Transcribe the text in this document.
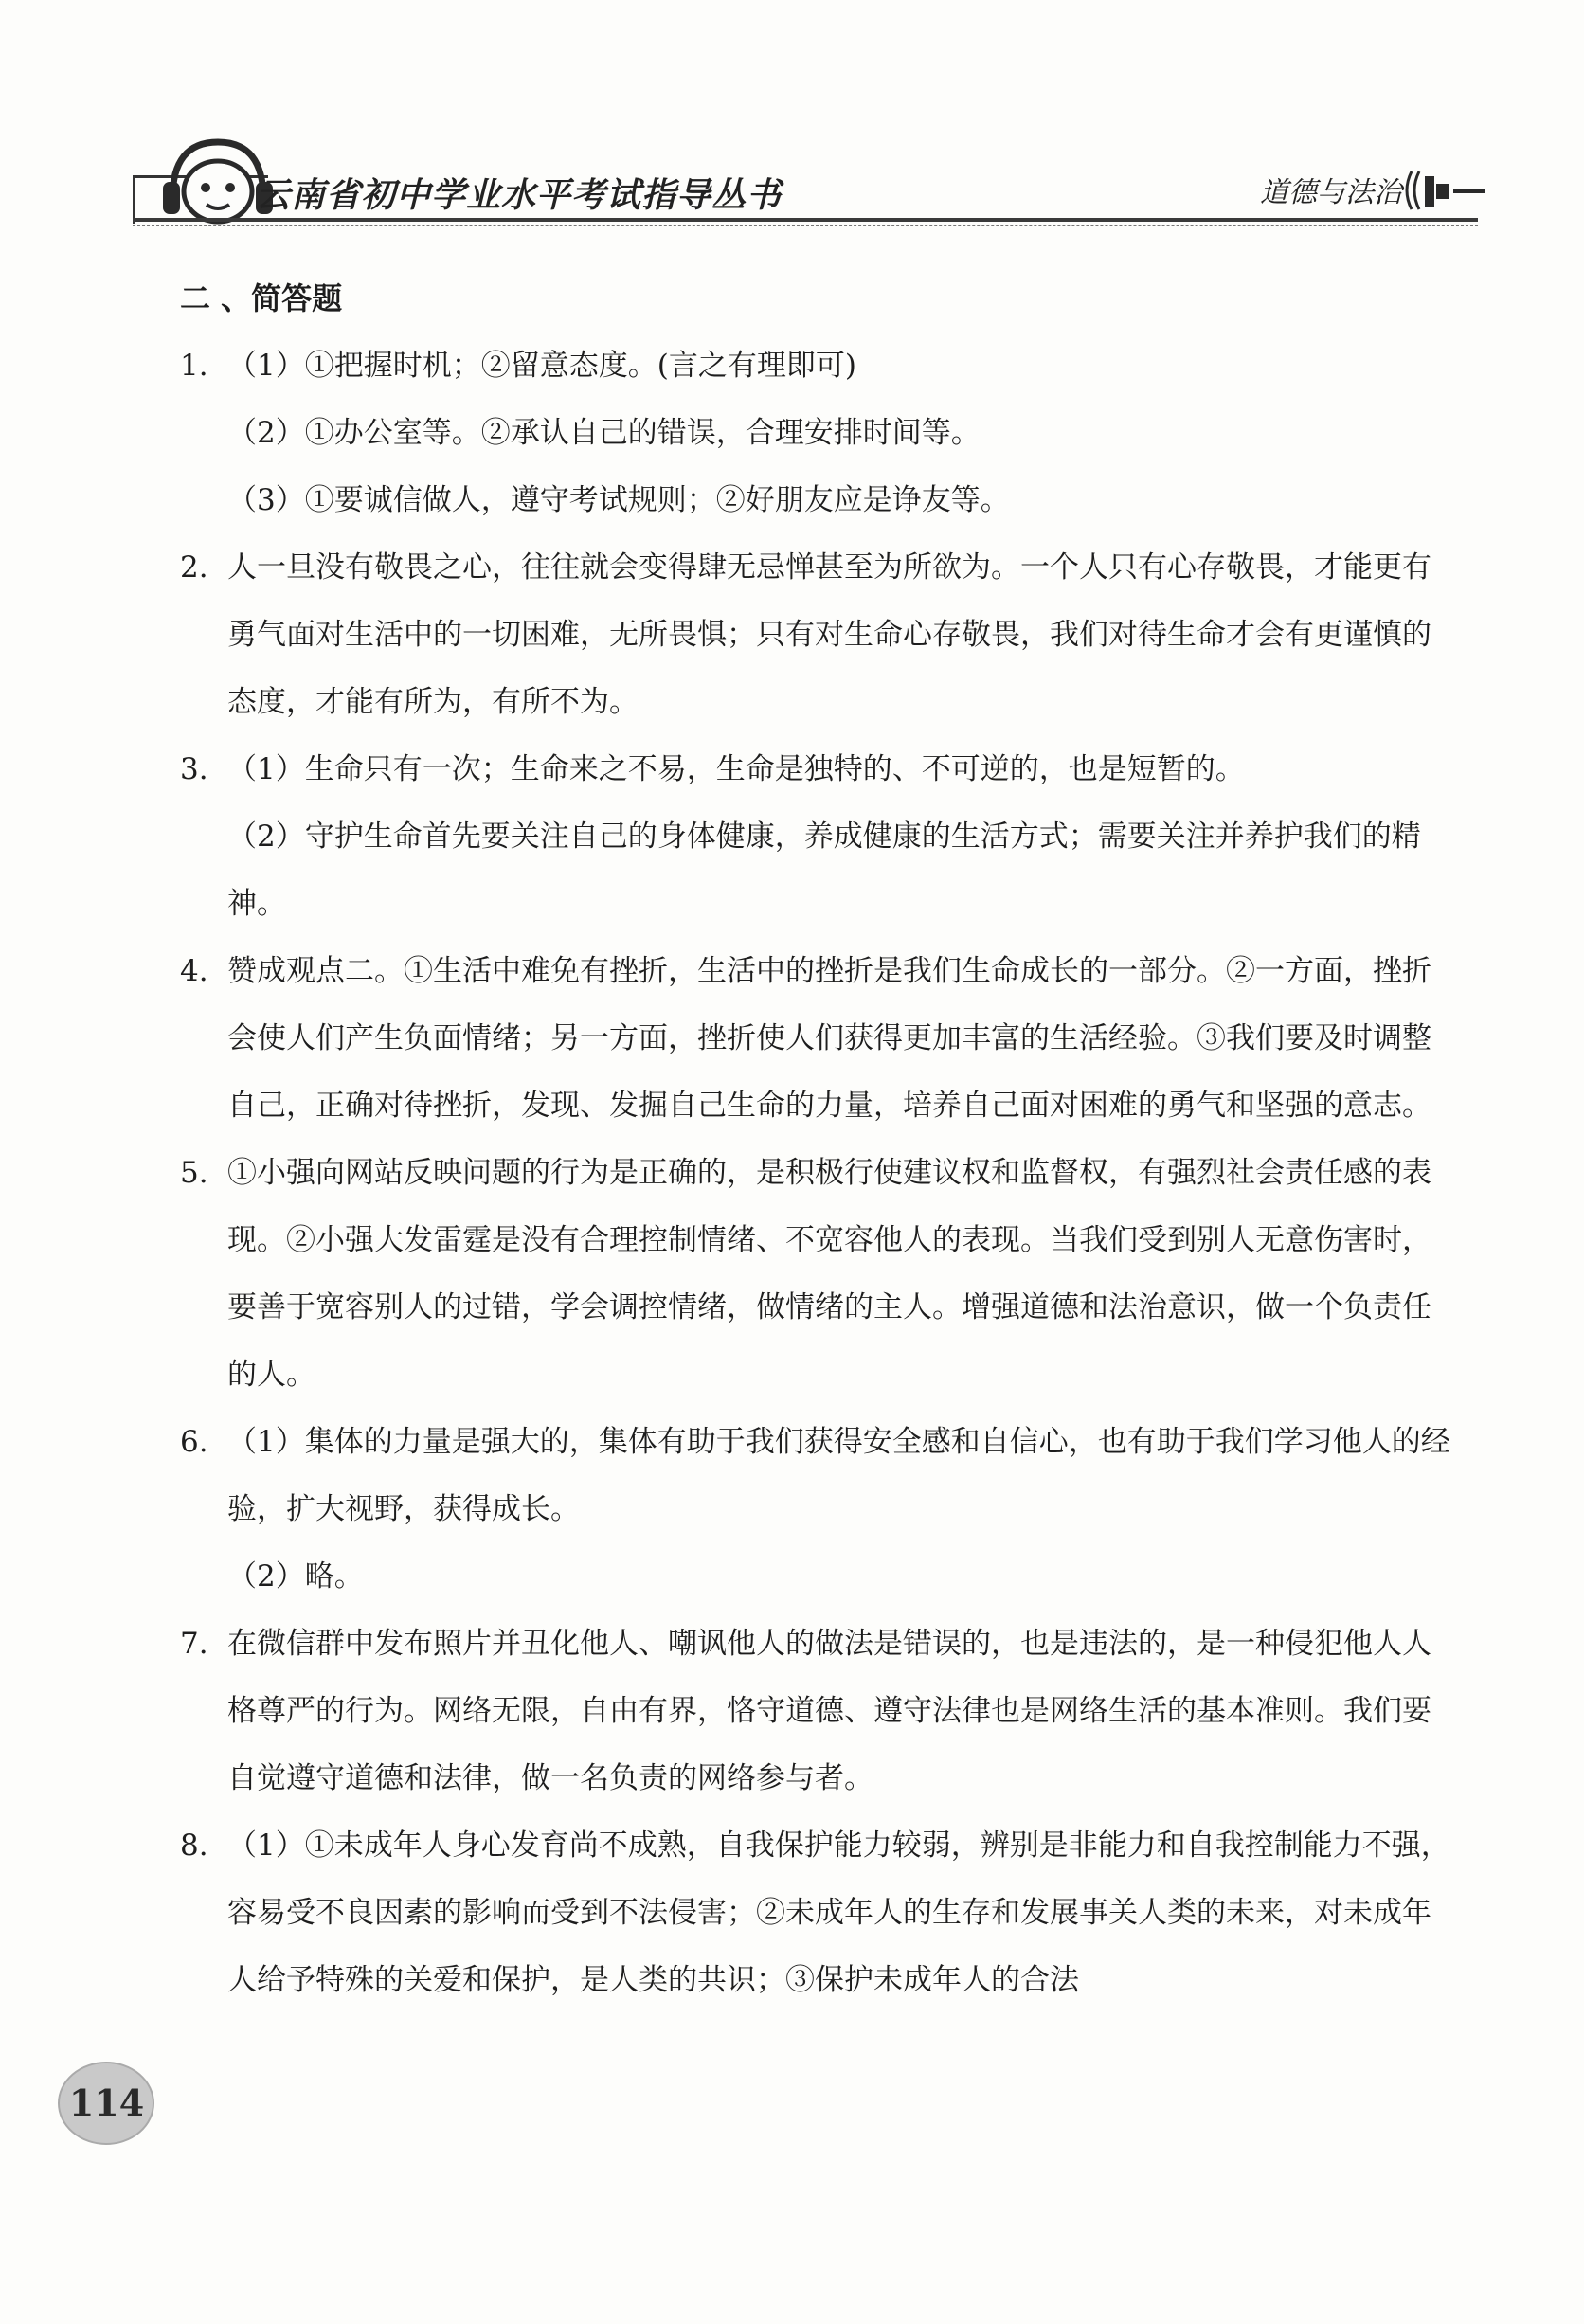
云南省初中学业水平考试指导丛书	道德与法治
二 、简答题
1. （1）①把握时机；②留意态度。(言之有理即可)
（2）①办公室等。②承认自己的错误，合理安排时间等。
（3）①要诚信做人，遵守考试规则；②好朋友应是诤友等。
2. 人一旦没有敬畏之心，往往就会变得肆无忌惮甚至为所欲为。一个人只有心存敬畏，才能更有勇气面对生活中的一切困难，无所畏惧；只有对生命心存敬畏，我们对待生命才会有更谨慎的态度，才能有所为，有所不为。
3. （1）生命只有一次；生命来之不易，生命是独特的、不可逆的，也是短暂的。
（2）守护生命首先要关注自己的身体健康，养成健康的生活方式；需要关注并养护我们的精神。
4. 赞成观点二。①生活中难免有挫折，生活中的挫折是我们生命成长的一部分。②一方面，挫折会使人们产生负面情绪；另一方面，挫折使人们获得更加丰富的生活经验。③我们要及时调整自己，正确对待挫折，发现、发掘自己生命的力量，培养自己面对困难的勇气和坚强的意志。
5. ①小强向网站反映问题的行为是正确的，是积极行使建议权和监督权，有强烈社会责任感的表现。②小强大发雷霆是没有合理控制情绪、不宽容他人的表现。当我们受到别人无意伤害时，要善于宽容别人的过错，学会调控情绪，做情绪的主人。增强道德和法治意识，做一个负责任的人。
6. （1）集体的力量是强大的，集体有助于我们获得安全感和自信心，也有助于我们学习他人的经验，扩大视野，获得成长。
（2）略。
7. 在微信群中发布照片并丑化他人、嘲讽他人的做法是错误的，也是违法的，是一种侵犯他人人格尊严的行为。网络无限，自由有界，恪守道德、遵守法律也是网络生活的基本准则。我们要自觉遵守道德和法律，做一名负责的网络参与者。
8. （1）①未成年人身心发育尚不成熟，自我保护能力较弱，辨别是非能力和自我控制能力不强，容易受不良因素的影响而受到不法侵害；②未成年人的生存和发展事关人类的未来，对未成年人给予特殊的关爱和保护，是人类的共识；③保护未成年人的合法
114
